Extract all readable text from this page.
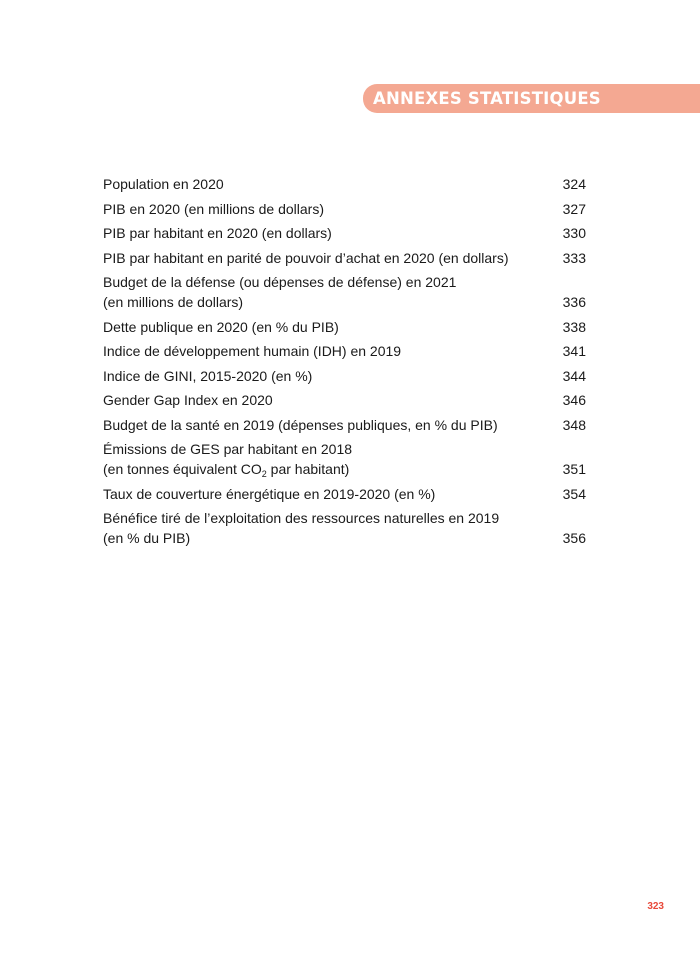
ANNEXES STATISTIQUES
Population en 2020	324
PIB en 2020 (en millions de dollars)	327
PIB par habitant en 2020 (en dollars)	330
PIB par habitant en parité de pouvoir d’achat en 2020 (en dollars)	333
Budget de la défense (ou dépenses de défense) en 2021
(en millions de dollars)	336
Dette publique en 2020 (en % du PIB)	338
Indice de développement humain (IDH) en 2019	341
Indice de GINI, 2015-2020 (en %)	344
Gender Gap Index en 2020	346
Budget de la santé en 2019 (dépenses publiques, en % du PIB)	348
Émissions de GES par habitant en 2018
(en tonnes équivalent $CO_2$ par habitant)	351
Taux de couverture énergétique en 2019-2020 (en %)	354
Bénéfice tiré de l’exploitation des ressources naturelles en 2019
(en % du PIB)	356
323
